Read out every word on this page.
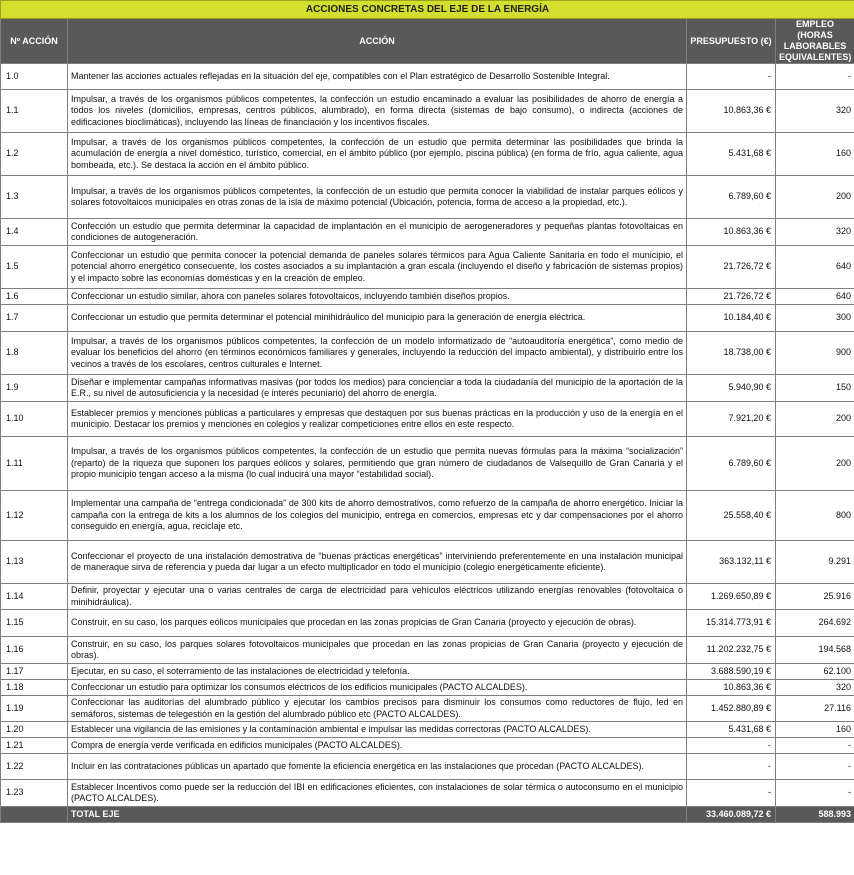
ACCIONES CONCRETAS DEL EJE DE LA ENERGÍA			
Nº ACCIÓN	ACCIÓN	PRESUPUESTO (€)	EMPLEO (HORAS LABORABLES EQUIVALENTES)
1.0	Mantener las acciones actuales reflejadas en la situación del eje, compatibles con el Plan estratégico de Desarrollo Sostenible Integral.	-	-
1.1	Impulsar, a través de los organismos públicos competentes, la confección un estudio encaminado a evaluar las posibilidades de ahorro de energía a todos los niveles (domicilios, empresas, centros públicos, alumbrado), en forma directa (sistemas de bajo consumo), o indirecta (acciones de edificaciones bioclimáticas), incluyendo las líneas de financiación y los incentivos fiscales.	10.863,36 €	320
1.2	Impulsar, a través de los organismos públicos competentes, la confección de un estudio que permita determinar las posibilidades que brinda la acumulación de energía a nivel doméstico, turístico, comercial, en el ámbito público (por ejemplo, piscina pública) (en forma de frío, agua caliente, agua bombeada, etc.). Se destaca la acción en el ámbito público.	5.431,68 €	160
1.3	Impulsar, a través de los organismos públicos competentes, la confección de un estudio que permita conocer la viabilidad de instalar parques eólicos y solares fotovoltaicos municipales en otras zonas de la isla de máximo potencial (Ubicación, potencia, forma de acceso a la propiedad, etc.).	6.789,60 €	200
1.4	Confección un estudio que permita determinar la capacidad de implantación en el municipio de aerogeneradores y pequeñas plantas fotovoltaicas en condiciones de autogeneración.	10.863,36 €	320
1.5	Confeccionar un estudio que permita conocer la potencial demanda de paneles solares térmicos para Agua Caliente Sanitaria en todo el municipio, el potencial ahorro energético consecuente, los costes asociados a su implantación a gran escala (incluyendo el diseño y fabricación de sistemas propios) y el impacto sobre las economías domésticas y en la creación de empleo.	21.726,72 €	640
1.6	Confeccionar un estudio similar, ahora con paneles solares fotovoltaicos, incluyendo también diseños propios.	21.726,72 €	640
1.7	Confeccionar un estudio que permita determinar el potencial minihidráulico del municipio para la generación de energía eléctrica.	10.184,40 €	300
1.8	Impulsar, a través de los organismos públicos competentes, la confección de un modelo informatizado de “autoauditoría energética”, como medio de evaluar los beneficios del ahorro (en términos económicos familiares y generales, incluyendo la reducción del impacto ambiental), y distribuirlo entre los vecinos a través de los escolares, centros culturales e Internet.	18.738,00 €	900
1.9	Diseñar e implementar campañas informativas masivas (por todos los medios) para concienciar a toda la ciudadanía del municipio de la aportación de la E.R., su nivel de autosuficiencia y la necesidad (e interés pecuniario) del ahorro de energía.	5.940,90 €	150
1.10	Establecer premios y menciones públicas a particulares y empresas que destaquen por sus buenas prácticas en la producción y uso de la energía en el municipio. Destacar los premios y menciones en colegios y realizar competiciones entre ellos en este respecto.	7.921,20 €	200
1.11	Impulsar, a través de los organismos públicos competentes, la confección de un estudio que permita nuevas fórmulas para la máxima “socialización” (reparto) de la riqueza que suponen los parques eólicos y solares, permitiendo que gran número de ciudadanos de Valsequillo de Gran Canaria y el propio municipio tengan acceso a la misma (lo cual inducirá una mayor “estabilidad social).	6.789,60 €	200
1.12	Implementar una campaña de “entrega condicionada” de 300 kits de ahorro demostrativos, como refuerzo de la campaña de ahorro energético. Iniciar la campaña con la entrega de kits a los alumnos de los colegios del municipio, entrega en comercios, empresas etc y dar compensaciones por el ahorro conseguido en energía, agua, reciclaje etc.	25.558,40 €	800
1.13	Confeccionar el proyecto de una instalación demostrativa de “buenas prácticas energéticas” interviniendo preferentemente en una instalación municipal de maneraque sirva de referencia y pueda dar lugar a un efecto multiplicador en todo el municipio (colegio energéticamente eficiente).	363.132,11 €	9.291
1.14	Definir, proyectar y ejecutar una o varias centrales de carga de electricidad para vehículos eléctricos utilizando energías renovables (fotovoltaica o minihidráulica).	1.269.650,89 €	25.916
1.15	Construir, en su caso, los parques eólicos municipales que procedan en las zonas propicias de Gran Canaria (proyecto y ejecución de obras).	15.314.773,91 €	264.692
1.16	Construir, en su caso, los parques solares fotovoltaicos municipales que procedan en las zonas propicias de Gran Canaria (proyecto y ejecución de obras).	11.202.232,75 €	194.568
1.17	Ejecutar, en su caso, el soterramiento de las instalaciones de electricidad y telefonía.	3.688.590,19 €	62.100
1.18	Confeccionar un estudio para optimizar los consumos eléctricos de los edificios municipales (PACTO ALCALDES).	10.863,36 €	320
1.19	Confeccionar las auditorías del alumbrado público y ejecutar los cambios precisos para disminuir los consumos como reductores de flujo, led en semáforos, sistemas de telegestión en la gestión del alumbrado público etc (PACTO ALCALDES).	1.452.880,89 €	27.116
1.20	Establecer una vigilancia de las emisiones y la contaminación ambiental e impulsar las medidas correctoras (PACTO ALCALDES).	5.431,68 €	160
1.21	Compra de energía verde verificada en edificios municipales (PACTO ALCALDES).	-	-
1.22	Incluir en las contrataciones públicas un apartado que fomente la eficiencia energética en las instalaciones que procedan (PACTO ALCALDES).	-	-
1.23	Establecer Incentivos como puede ser la reducción del IBI en edificaciones eficientes, con instalaciones de solar térmica o autoconsumo en el municipio (PACTO ALCALDES).	-	-
	TOTAL EJE	33.460.089,72 €	588.993
